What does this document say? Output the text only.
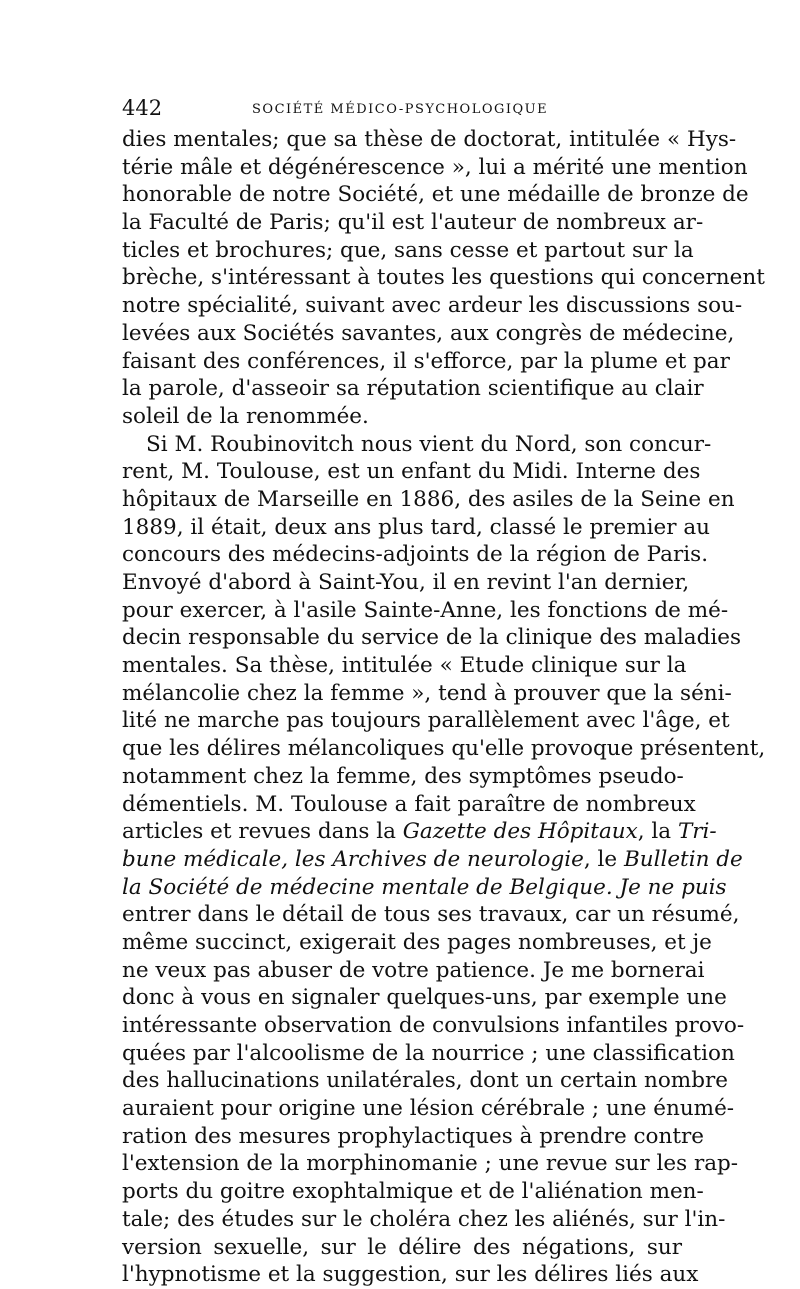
442	SOCIÉTÉ MÉDICO-PSYCHOLOGIQUE
dies mentales; que sa thèse de doctorat, intitulée « Hys-
térie mâle et dégénérescence », lui a mérité une mention
honorable de notre Société, et une médaille de bronze de
la Faculté de Paris; qu'il est l'auteur de nombreux ar-
ticles et brochures; que, sans cesse et partout sur la
brèche, s'intéressant à toutes les questions qui concernent
notre spécialité, suivant avec ardeur les discussions sou-
levées aux Sociétés savantes, aux congrès de médecine,
faisant des conférences, il s'efforce, par la plume et par
la parole, d'asseoir sa réputation scientifique au clair
soleil de la renommée.
Si M. Roubinovitch nous vient du Nord, son concur-
rent, M. Toulouse, est un enfant du Midi. Interne des
hôpitaux de Marseille en 1886, des asiles de la Seine en
1889, il était, deux ans plus tard, classé le premier au
concours des médecins-adjoints de la région de Paris.
Envoyé d'abord à Saint-You, il en revint l'an dernier,
pour exercer, à l'asile Sainte-Anne, les fonctions de mé-
decin responsable du service de la clinique des maladies
mentales. Sa thèse, intitulée « Etude clinique sur la
mélancolie chez la femme », tend à prouver que la séni-
lité ne marche pas toujours parallèlement avec l'âge, et
que les délires mélancoliques qu'elle provoque présentent,
notamment chez la femme, des symptômes pseudo-
démentiels. M. Toulouse a fait paraître de nombreux
articles et revues dans la Gazette des Hôpitaux, la Tri-
bune médicale, les Archives de neurologie, le Bulletin de
la Société de médecine mentale de Belgique. Je ne puis
entrer dans le détail de tous ses travaux, car un résumé,
même succinct, exigerait des pages nombreuses, et je
ne veux pas abuser de votre patience. Je me bornerai
donc à vous en signaler quelques-uns, par exemple une
intéressante observation de convulsions infantiles provo-
quées par l'alcoolisme de la nourrice ; une classification
des hallucinations unilatérales, dont un certain nombre
auraient pour origine une lésion cérébrale ; une énumé-
ration des mesures prophylactiques à prendre contre
l'extension de la morphinomanie ; une revue sur les rap-
ports du goitre exophtalmique et de l'aliénation men-
tale; des études sur le choléra chez les aliénés, sur l'in-
version sexuelle, sur le délire des négations, sur
l'hypnotisme et la suggestion, sur les délires liés aux
